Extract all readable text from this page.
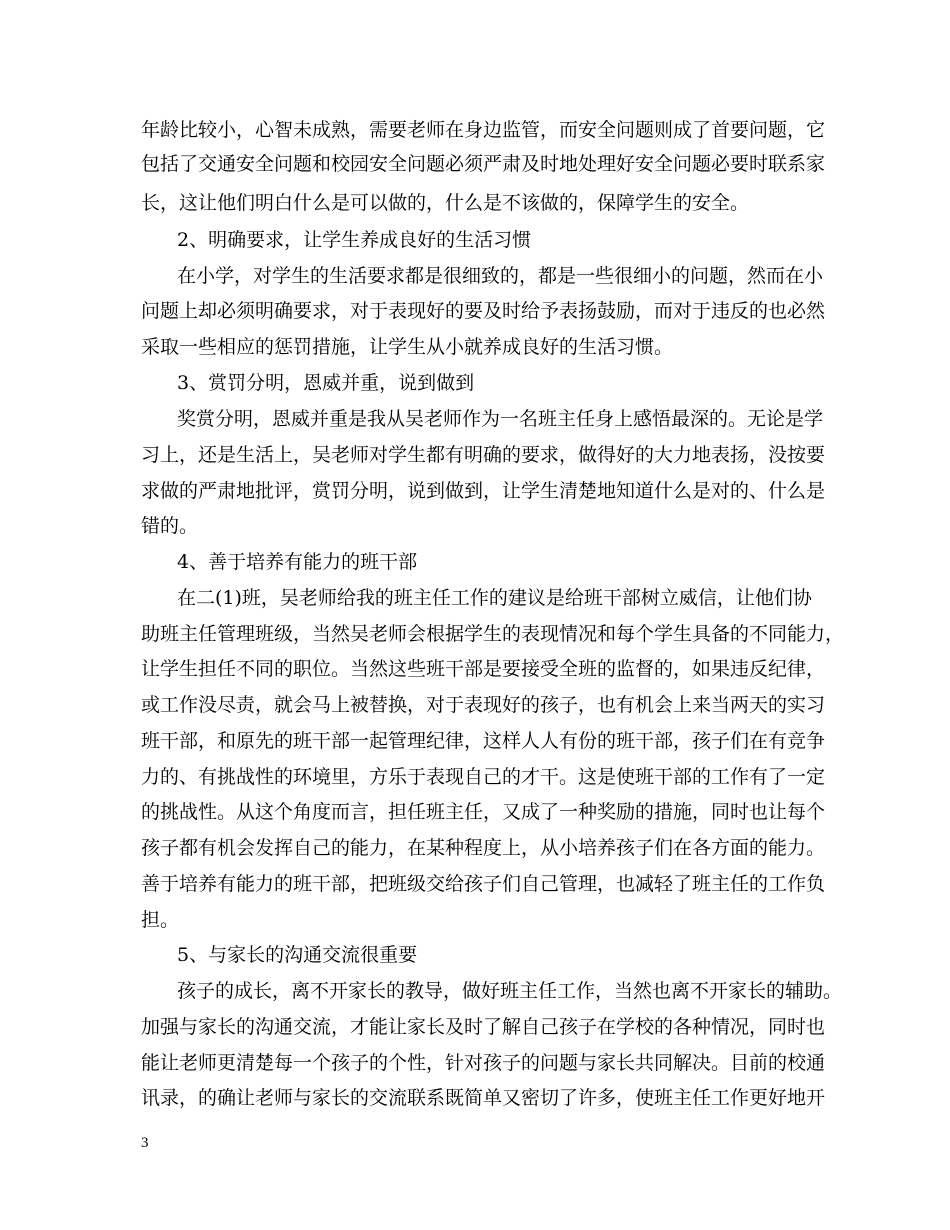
年龄比较小，心智未成熟，需要老师在身边监管，而安全问题则成了首要问题，它
包括了交通安全问题和校园安全问题必须严肃及时地处理好安全问题必要时联系家
长，这让他们明白什么是可以做的，什么是不该做的，保障学生的安全。
2、明确要求，让学生养成良好的生活习惯
在小学，对学生的生活要求都是很细致的，都是一些很细小的问题，然而在小
问题上却必须明确要求，对于表现好的要及时给予表扬鼓励，而对于违反的也必然
采取一些相应的惩罚措施，让学生从小就养成良好的生活习惯。
3、赏罚分明，恩威并重，说到做到
奖赏分明，恩威并重是我从吴老师作为一名班主任身上感悟最深的。无论是学
习上，还是生活上，吴老师对学生都有明确的要求，做得好的大力地表扬，没按要
求做的严肃地批评，赏罚分明，说到做到，让学生清楚地知道什么是对的、什么是
错的。
4、善于培养有能力的班干部
在二(1)班，吴老师给我的班主任工作的建议是给班干部树立威信，让他们协
助班主任管理班级，当然吴老师会根据学生的表现情况和每个学生具备的不同能力，
让学生担任不同的职位。当然这些班干部是要接受全班的监督的，如果违反纪律，
或工作没尽责，就会马上被替换，对于表现好的孩子，也有机会上来当两天的实习
班干部，和原先的班干部一起管理纪律，这样人人有份的班干部，孩子们在有竞争
力的、有挑战性的环境里，方乐于表现自己的才干。这是使班干部的工作有了一定
的挑战性。从这个角度而言，担任班主任，又成了一种奖励的措施，同时也让每个
孩子都有机会发挥自己的能力，在某种程度上，从小培养孩子们在各方面的能力。
善于培养有能力的班干部，把班级交给孩子们自己管理，也减轻了班主任的工作负
担。
5、与家长的沟通交流很重要
孩子的成长，离不开家长的教导，做好班主任工作，当然也离不开家长的辅助。
加强与家长的沟通交流，才能让家长及时了解自己孩子在学校的各种情况，同时也
能让老师更清楚每一个孩子的个性，针对孩子的问题与家长共同解决。目前的校通
讯录，的确让老师与家长的交流联系既简单又密切了许多，使班主任工作更好地开
3
